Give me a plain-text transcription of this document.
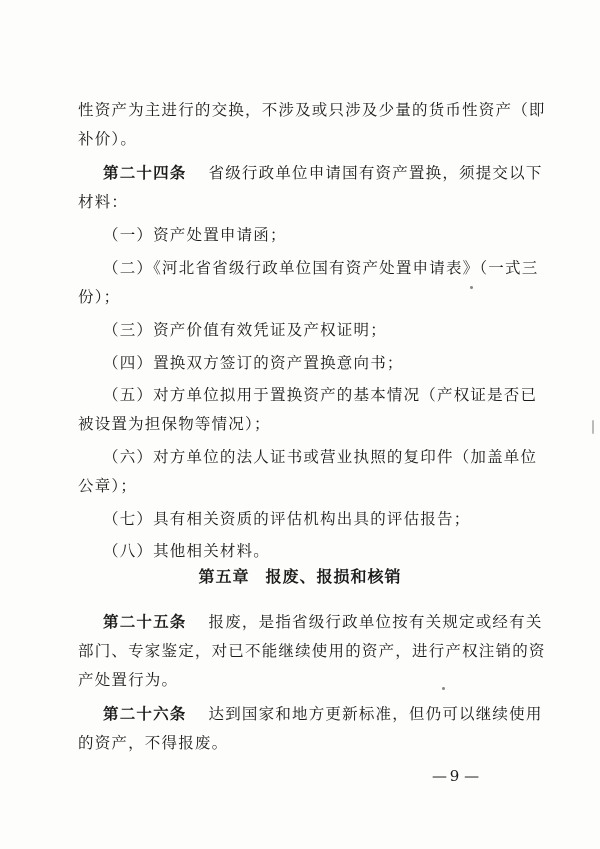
性资产为主进行的交换，不涉及或只涉及少量的货币性资产（即
补价）。
第二十四条 省级行政单位申请国有资产置换，须提交以下
材料：
（一）资产处置申请函；
（二）《河北省省级行政单位国有资产处置申请表》（一式三
份）；
（三）资产价值有效凭证及产权证明；
（四）置换双方签订的资产置换意向书；
（五）对方单位拟用于置换资产的基本情况（产权证是否已
被设置为担保物等情况）；
（六）对方单位的法人证书或营业执照的复印件（加盖单位
公章）；
（七）具有相关资质的评估机构出具的评估报告；
（八）其他相关材料。
第五章 报废、报损和核销
第二十五条 报废，是指省级行政单位按有关规定或经有关
部门、专家鉴定，对已不能继续使用的资产，进行产权注销的资
产处置行为。
第二十六条 达到国家和地方更新标准，但仍可以继续使用
的资产，不得报废。
— 9 —
